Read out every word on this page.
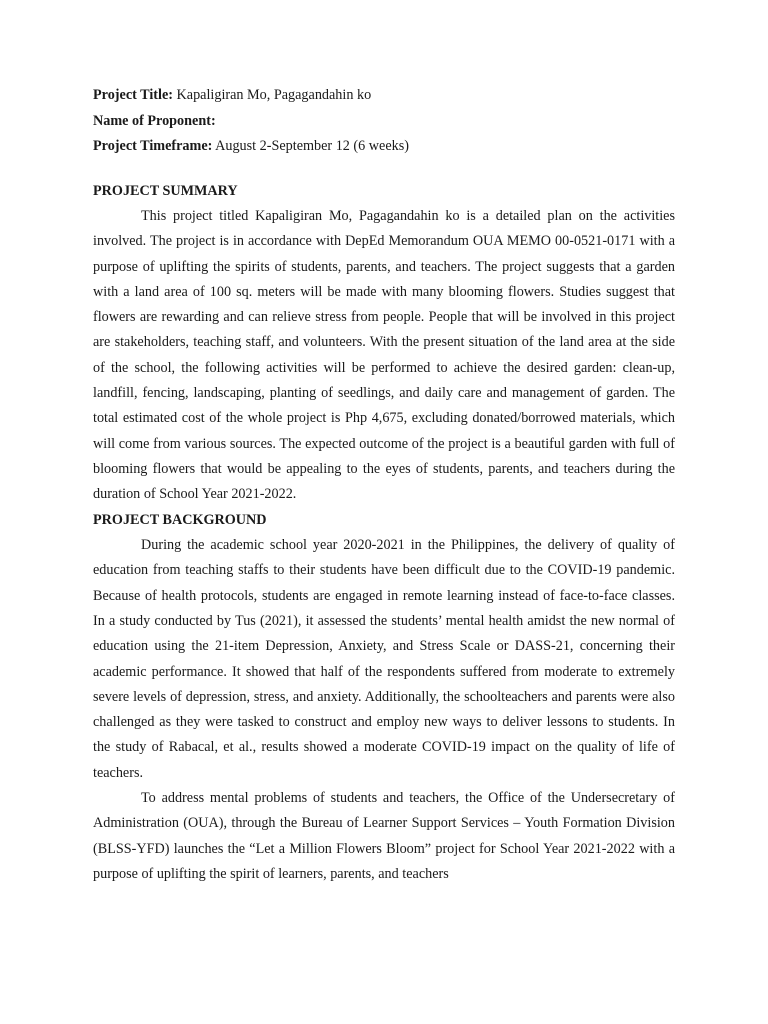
Project Title: Kapaligiran Mo, Pagagandahin ko
Name of Proponent:
Project Timeframe: August 2-September 12 (6 weeks)
PROJECT SUMMARY

This project titled Kapaligiran Mo, Pagagandahin ko is a detailed plan on the activities involved. The project is in accordance with DepEd Memorandum OUA MEMO 00-0521-0171 with a purpose of uplifting the spirits of students, parents, and teachers. The project suggests that a garden with a land area of 100 sq. meters will be made with many blooming flowers. Studies suggest that flowers are rewarding and can relieve stress from people. People that will be involved in this project are stakeholders, teaching staff, and volunteers. With the present situation of the land area at the side of the school, the following activities will be performed to achieve the desired garden: clean-up, landfill, fencing, landscaping, planting of seedlings, and daily care and management of garden. The total estimated cost of the whole project is Php 4,675, excluding donated/borrowed materials, which will come from various sources. The expected outcome of the project is a beautiful garden with full of blooming flowers that would be appealing to the eyes of students, parents, and teachers during the duration of School Year 2021-2022.

PROJECT BACKGROUND

During the academic school year 2020-2021 in the Philippines, the delivery of quality of education from teaching staffs to their students have been difficult due to the COVID-19 pandemic. Because of health protocols, students are engaged in remote learning instead of face-to-face classes. In a study conducted by Tus (2021), it assessed the students’ mental health amidst the new normal of education using the 21-item Depression, Anxiety, and Stress Scale or DASS-21, concerning their academic performance. It showed that half of the respondents suffered from moderate to extremely severe levels of depression, stress, and anxiety. Additionally, the schoolteachers and parents were also challenged as they were tasked to construct and employ new ways to deliver lessons to students. In the study of Rabacal, et al., results showed a moderate COVID-19 impact on the quality of life of teachers.

To address mental problems of students and teachers, the Office of the Undersecretary of Administration (OUA), through the Bureau of Learner Support Services – Youth Formation Division (BLSS-YFD) launches the “Let a Million Flowers Bloom” project for School Year 2021-2022 with a purpose of uplifting the spirit of learners, parents, and teachers
